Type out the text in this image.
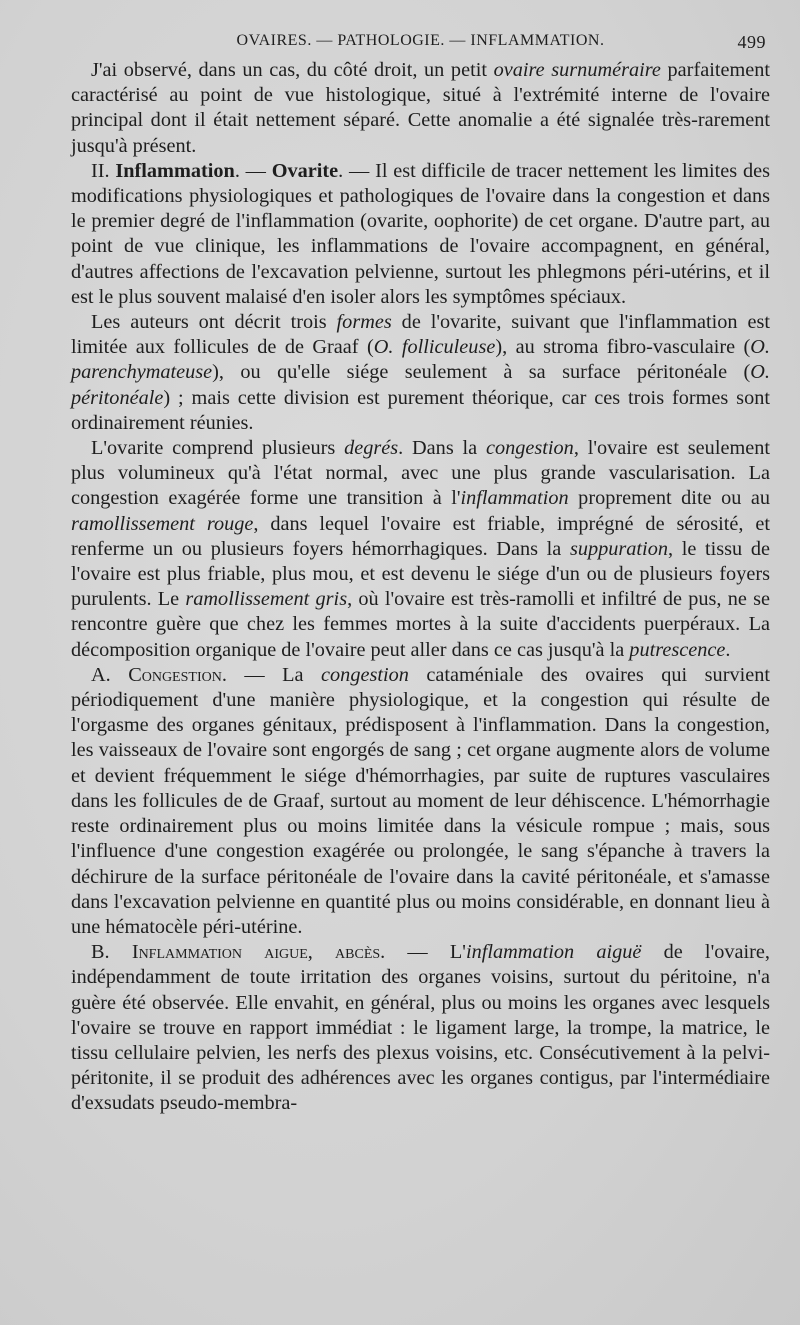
OVAIRES. — PATHOLOGIE. — INFLAMMATION.	499

J'ai observé, dans un cas, du côté droit, un petit ovaire surnuméraire parfaitement caractérisé au point de vue histologique, situé à l'extrémité interne de l'ovaire principal dont il était nettement séparé. Cette anomalie a été signalée très-rarement jusqu'à présent.

II. Inflammation. — Ovarite. — Il est difficile de tracer nettement les limites des modifications physiologiques et pathologiques de l'ovaire dans la congestion et dans le premier degré de l'inflammation (ovarite, oophorite) de cet organe. D'autre part, au point de vue clinique, les inflammations de l'ovaire accompagnent, en général, d'autres affections de l'excavation pelvienne, surtout les phlegmons péri-utérins, et il est le plus souvent malaisé d'en isoler alors les symptômes spéciaux.

Les auteurs ont décrit trois formes de l'ovarite, suivant que l'inflammation est limitée aux follicules de de Graaf (O. folliculeuse), au stroma fibro-vasculaire (O. parenchymateuse), ou qu'elle siége seulement à sa surface péritonéale (O. péritonéale) ; mais cette division est purement théorique, car ces trois formes sont ordinairement réunies.

L'ovarite comprend plusieurs degrés. Dans la congestion, l'ovaire est seulement plus volumineux qu'à l'état normal, avec une plus grande vascularisation. La congestion exagérée forme une transition à l'inflammation proprement dite ou au ramollissement rouge, dans lequel l'ovaire est friable, imprégné de sérosité, et renferme un ou plusieurs foyers hémorrhagiques. Dans la suppuration, le tissu de l'ovaire est plus friable, plus mou, et est devenu le siége d'un ou de plusieurs foyers purulents. Le ramollissement gris, où l'ovaire est très-ramolli et infiltré de pus, ne se rencontre guère que chez les femmes mortes à la suite d'accidents puerpéraux. La décomposition organique de l'ovaire peut aller dans ce cas jusqu'à la putrescence.

A. Congestion. — La congestion cataméniale des ovaires qui survient périodiquement d'une manière physiologique, et la congestion qui résulte de l'orgasme des organes génitaux, prédisposent à l'inflammation. Dans la congestion, les vaisseaux de l'ovaire sont engorgés de sang ; cet organe augmente alors de volume et devient fréquemment le siége d'hémorrhagies, par suite de ruptures vasculaires dans les follicules de de Graaf, surtout au moment de leur déhiscence. L'hémorrhagie reste ordinairement plus ou moins limitée dans la vésicule rompue ; mais, sous l'influence d'une congestion exagérée ou prolongée, le sang s'épanche à travers la déchirure de la surface péritonéale de l'ovaire dans la cavité péritonéale, et s'amasse dans l'excavation pelvienne en quantité plus ou moins considérable, en donnant lieu à une hématocèle péri-utérine.

B. Inflammation aigue, abcès. — L'inflammation aiguë de l'ovaire, indépendamment de toute irritation des organes voisins, surtout du péritoine, n'a guère été observée. Elle envahit, en général, plus ou moins les organes avec lesquels l'ovaire se trouve en rapport immédiat : le ligament large, la trompe, la matrice, le tissu cellulaire pelvien, les nerfs des plexus voisins, etc. Consécutivement à la pelvi-péritonite, il se produit des adhérences avec les organes contigus, par l'intermédiaire d'exsudats pseudo-membra-
